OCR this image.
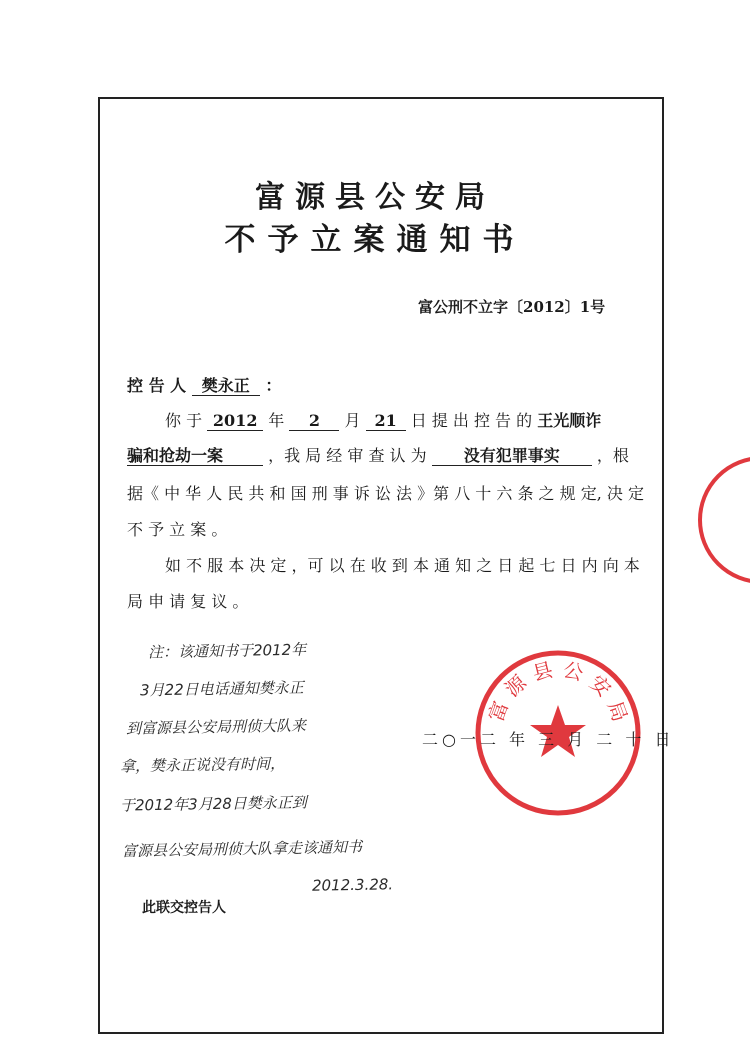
富源县公安局
不予立案通知书
富公刑不立字〔2012〕1号
控 告 人 樊永正 ：
你 于 2012 年 2 月 21 日 提 出 控 告 的 王光顺诈
骗和抢劫一案	，我 局 经 审 查 认 为 没有犯罪事实 ，根
据《 中 华 人 民 共 和 国 刑 事 诉 讼 法 》第 八 十 六 条 之 规 定, 决 定
不 予 立 案 。
如 不 服 本 决 定 ，可 以 在 收 到 本 通 知 之 日 起 七 日 内 向 本
局 申 请 复 议 。
富
源 县 公 安
局
二○一二 年 三 月 二 十 日
注：该通知书于2012年
3月22日电话通知樊永正
到富源县公安局刑侦大队来
拿，樊永正说没有时间，
于2012年3月28日樊永正到
富源县公安局刑侦大队拿走该通知书
2012.3.28.
此联交控告人
